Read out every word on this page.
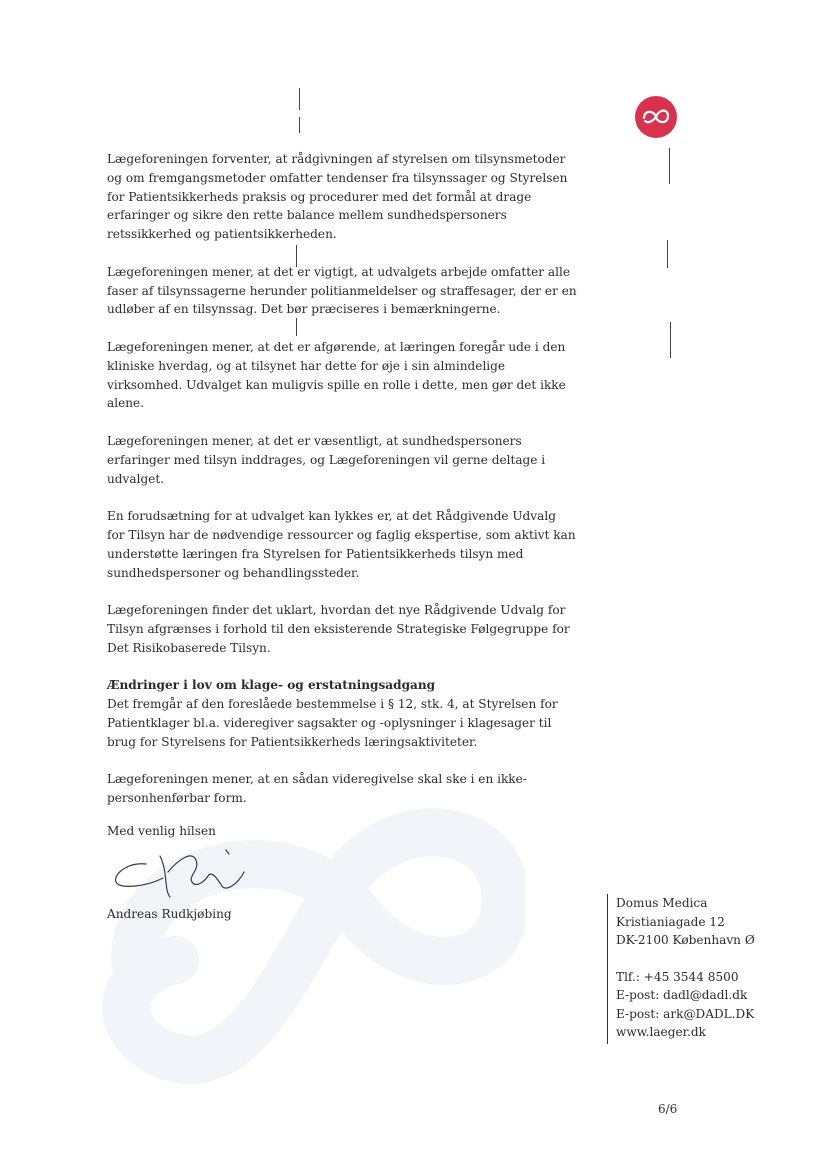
Lægeforeningen forventer, at rådgivningen af styrelsen om tilsynsmetoder og om fremgangsmetoder omfatter tendenser fra tilsynssager og Styrelsen for Patientsikkerheds praksis og procedurer med det formål at drage erfaringer og sikre den rette balance mellem sundhedspersoners retssikkerhed og patientsikkerheden.

Lægeforeningen mener, at det er vigtigt, at udvalgets arbejde omfatter alle faser af tilsynssagerne herunder politianmeldelser og straffesager, der er en udløber af en tilsynssag. Det bør præciseres i bemærkningerne.

Lægeforeningen mener, at det er afgørende, at læringen foregår ude i den kliniske hverdag, og at tilsynet har dette for øje i sin almindelige virksomhed. Udvalget kan muligvis spille en rolle i dette, men gør det ikke alene.

Lægeforeningen mener, at det er væsentligt, at sundhedspersoners erfaringer med tilsyn inddrages, og Lægeforeningen vil gerne deltage i udvalget.

En forudsætning for at udvalget kan lykkes er, at det Rådgivende Udvalg for Tilsyn har de nødvendige ressourcer og faglig ekspertise, som aktivt kan understøtte læringen fra Styrelsen for Patientsikkerheds tilsyn med sundhedspersoner og behandlingssteder.

Lægeforeningen finder det uklart, hvordan det nye Rådgivende Udvalg for Tilsyn afgrænses i forhold til den eksisterende Strategiske Følgegruppe for Det Risikobaserede Tilsyn.

Ændringer i lov om klage- og erstatningsadgang
Det fremgår af den foreslåede bestemmelse i § 12, stk. 4, at Styrelsen for Patientklager bl.a. videregiver sagsakter og -oplysninger i klagesager til brug for Styrelsens for Patientsikkerheds læringsaktiviteter.

Lægeforeningen mener, at en sådan videregivelse skal ske i en ikke-personhenførbar form.

Med venlig hilsen
Andreas Rudkjøbing
Domus Medica
Kristianiagade 12
DK-2100 København Ø
Tlf.: +45 3544 8500
E-post: dadl@dadl.dk
E-post: ark@DADL.DK
www.laeger.dk
6/6
